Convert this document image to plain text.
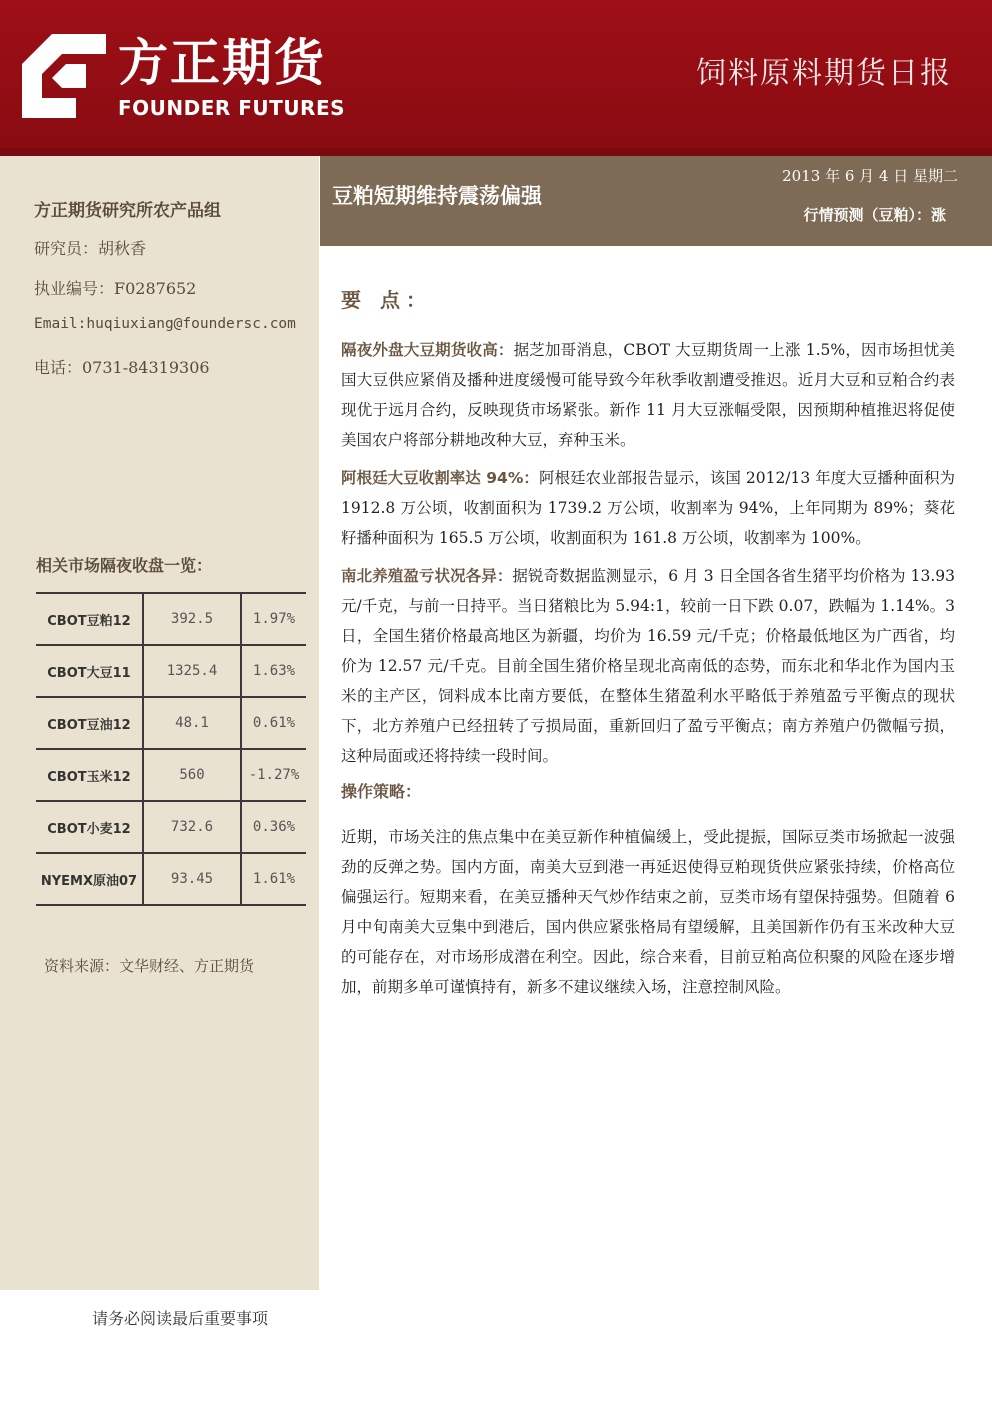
方正期货
FOUNDER FUTURES
饲料原料期货日报
豆粕短期维持震荡偏强
2013 年 6 月 4 日 星期二
行情预测（豆粕）：涨
方正期货研究所农产品组
研究员：胡秋香
执业编号：F0287652
Email:huqiuxiang@foundersc.com
电话：0731-84319306
相关市场隔夜收盘一览：
CBOT豆粕12	392.5	1.97%
CBOT大豆11	1325.4	1.63%
CBOT豆油12	48.1	0.61%
CBOT玉米12	560	-1.27%
CBOT小麦12	732.6	0.36%
NYEMX原油07	93.45	1.61%
资料来源：文华财经、方正期货
请务必阅读最后重要事项
要 点：

隔夜外盘大豆期货收高：据芝加哥消息，CBOT 大豆期货周一上涨 1.5%，因市场担忧美国大豆供应紧俏及播种进度缓慢可能导致今年秋季收割遭受推迟。近月大豆和豆粕合约表现优于远月合约，反映现货市场紧张。新作 11 月大豆涨幅受限，因预期种植推迟将促使美国农户将部分耕地改种大豆，弃种玉米。

阿根廷大豆收割率达 94%：阿根廷农业部报告显示，该国 2012/13 年度大豆播种面积为 1912.8 万公顷，收割面积为 1739.2 万公顷，收割率为 94%，上年同期为 89%；葵花籽播种面积为 165.5 万公顷，收割面积为 161.8 万公顷，收割率为 100%。

南北养殖盈亏状况各异：据锐奇数据监测显示，6 月 3 日全国各省生猪平均价格为 13.93 元/千克，与前一日持平。当日猪粮比为 5.94:1，较前一日下跌 0.07，跌幅为 1.14%。3 日，全国生猪价格最高地区为新疆，均价为 16.59 元/千克；价格最低地区为广西省，均价为 12.57 元/千克。目前全国生猪价格呈现北高南低的态势，而东北和华北作为国内玉米的主产区，饲料成本比南方要低，在整体生猪盈利水平略低于养殖盈亏平衡点的现状下，北方养殖户已经扭转了亏损局面，重新回归了盈亏平衡点；南方养殖户仍微幅亏损，这种局面或还将持续一段时间。

操作策略：

近期，市场关注的焦点集中在美豆新作种植偏缓上，受此提振，国际豆类市场掀起一波强劲的反弹之势。国内方面，南美大豆到港一再延迟使得豆粕现货供应紧张持续，价格高位偏强运行。短期来看，在美豆播种天气炒作结束之前，豆类市场有望保持强势。但随着 6 月中旬南美大豆集中到港后，国内供应紧张格局有望缓解，且美国新作仍有玉米改种大豆的可能存在，对市场形成潜在利空。因此，综合来看，目前豆粕高位积聚的风险在逐步增加，前期多单可谨慎持有，新多不建议继续入场，注意控制风险。
